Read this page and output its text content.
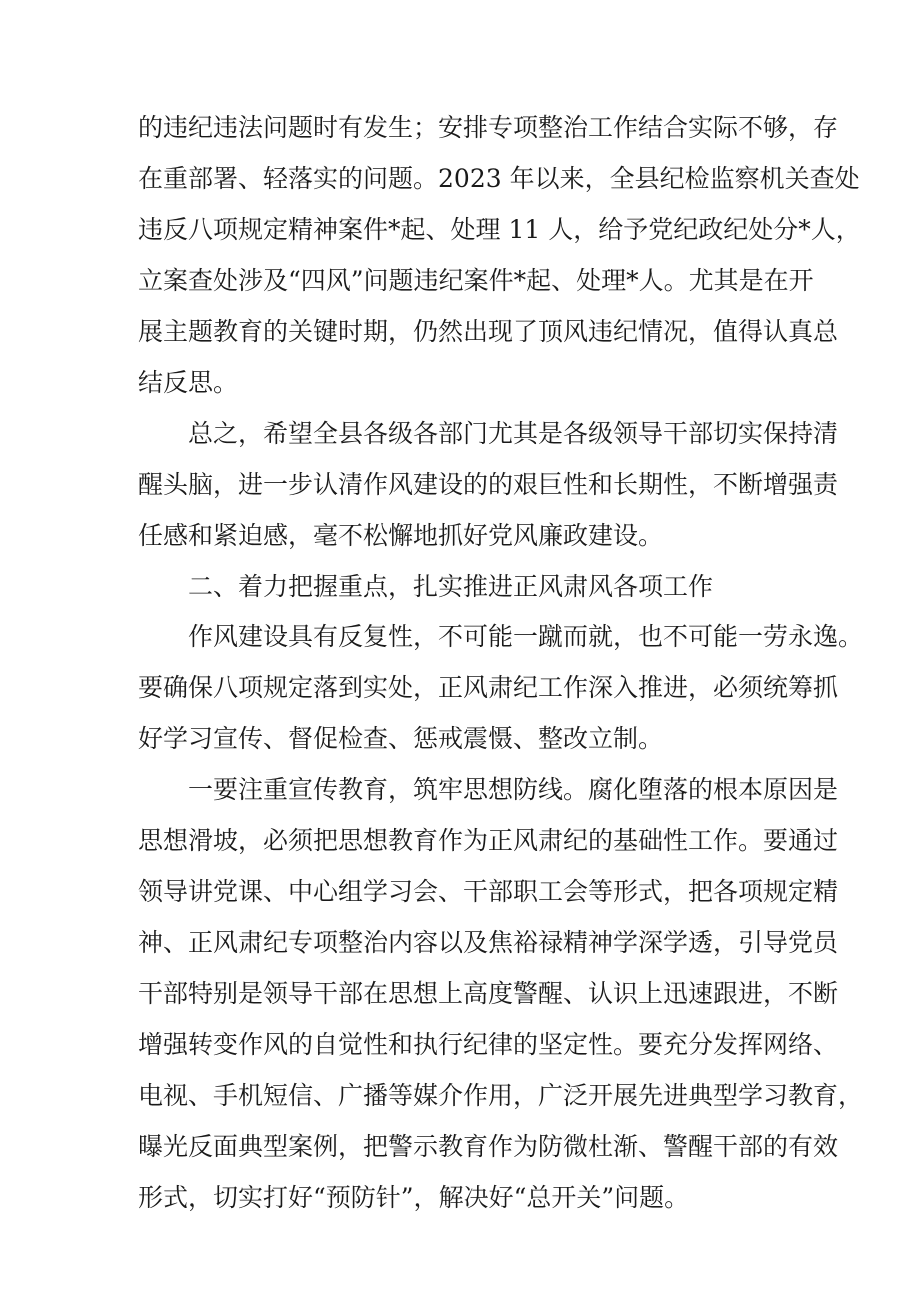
的违纪违法问题时有发生；安排专项整治工作结合实际不够，存
在重部署、轻落实的问题。2023 年以来，全县纪检监察机关查处
违反八项规定精神案件*起、处理 11 人，给予党纪政纪处分*人，
立案查处涉及“四风”问题违纪案件*起、处理*人。尤其是在开
展主题教育的关键时期，仍然出现了顶风违纪情况，值得认真总
结反思。
总之，希望全县各级各部门尤其是各级领导干部切实保持清
醒头脑，进一步认清作风建设的的艰巨性和长期性，不断增强责
任感和紧迫感，毫不松懈地抓好党风廉政建设。
二、着力把握重点，扎实推进正风肃风各项工作
作风建设具有反复性，不可能一蹴而就，也不可能一劳永逸。
要确保八项规定落到实处，正风肃纪工作深入推进，必须统筹抓
好学习宣传、督促检查、惩戒震慑、整改立制。
一要注重宣传教育，筑牢思想防线。腐化堕落的根本原因是
思想滑坡，必须把思想教育作为正风肃纪的基础性工作。要通过
领导讲党课、中心组学习会、干部职工会等形式，把各项规定精
神、正风肃纪专项整治内容以及焦裕禄精神学深学透，引导党员
干部特别是领导干部在思想上高度警醒、认识上迅速跟进，不断
增强转变作风的自觉性和执行纪律的坚定性。要充分发挥网络、
电视、手机短信、广播等媒介作用，广泛开展先进典型学习教育，
曝光反面典型案例，把警示教育作为防微杜渐、警醒干部的有效
形式，切实打好“预防针”，解决好“总开关”问题。
